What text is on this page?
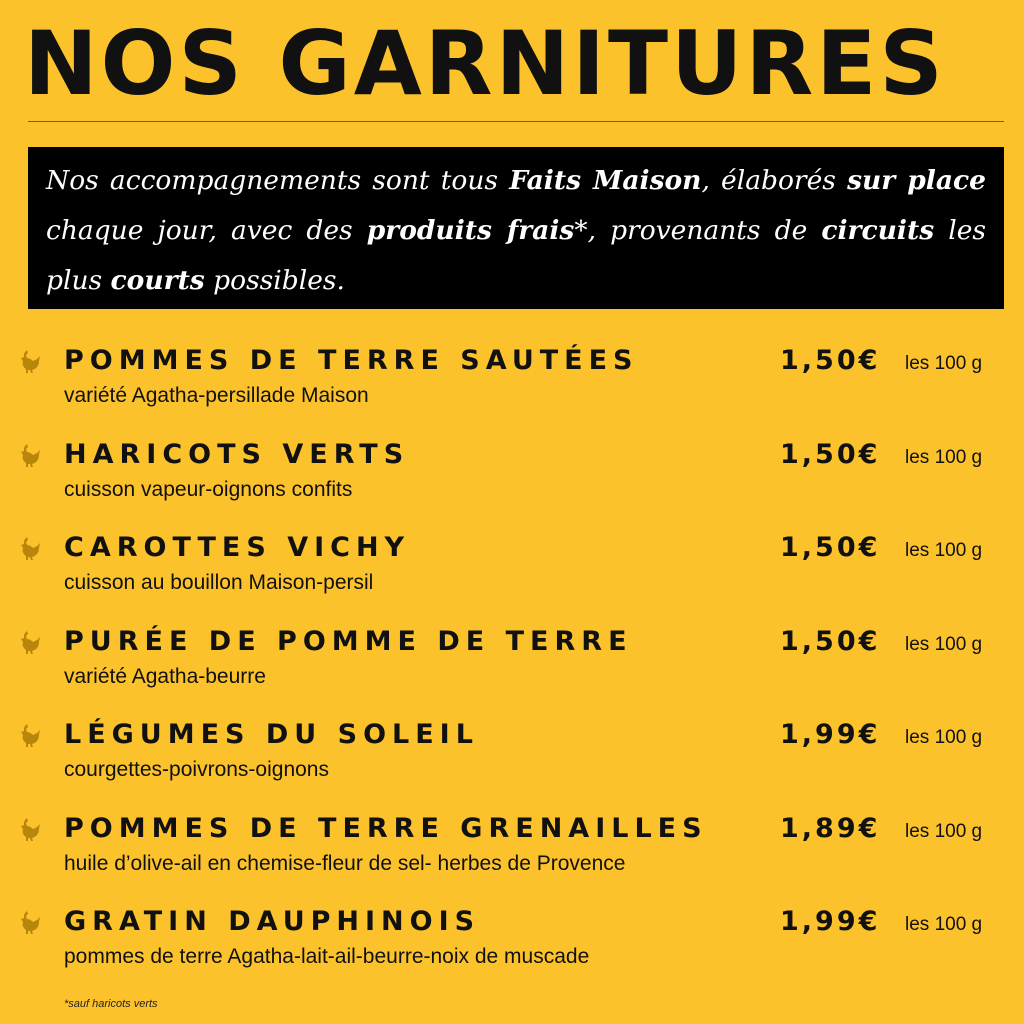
NOS GARNITURES
Nos accompagnements sont tous Faits Maison, élaborés sur place chaque jour, avec des produits frais*, provenants de circuits les plus courts possibles.
POMMES DE TERRE SAUTÉES
variété Agatha-persillade Maison
1,50€ les 100 g
HARICOTS VERTS
cuisson vapeur-oignons confits
1,50€ les 100 g
CAROTTES VICHY
cuisson au bouillon Maison-persil
1,50€ les 100 g
PURÉE DE POMME DE TERRE
variété Agatha-beurre
1,50€ les 100 g
LÉGUMES DU SOLEIL
courgettes-poivrons-oignons
1,99€ les 100 g
POMMES DE TERRE GRENAILLES
huile d’olive-ail en chemise-fleur de sel- herbes de Provence
1,89€ les 100 g
GRATIN DAUPHINOIS
pommes de terre Agatha-lait-ail-beurre-noix de muscade
1,99€ les 100 g
*sauf haricots verts
